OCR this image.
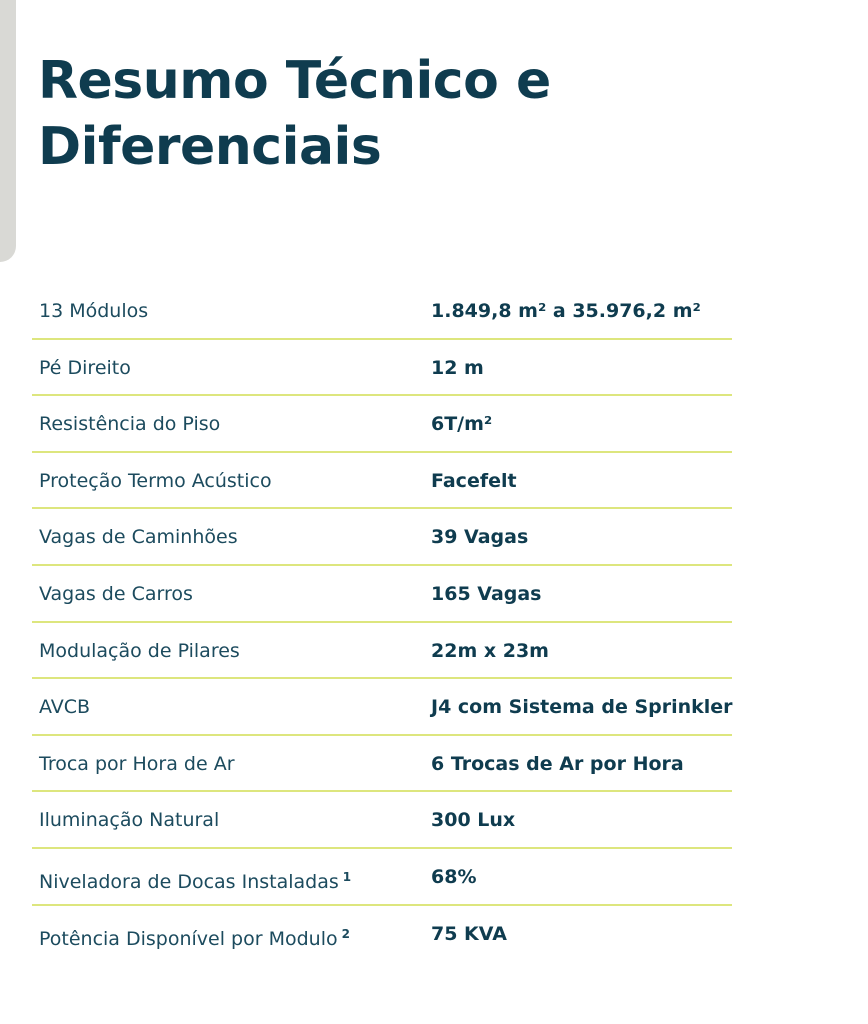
Resumo Técnico e
Diferenciais
13 Módulos	1.849,8 m² a 35.976,2 m²
Pé Direito	12 m
Resistência do Piso	6T/m²
Proteção Termo Acústico	Facefelt
Vagas de Caminhões	39 Vagas
Vagas de Carros	165 Vagas
Modulação de Pilares	22m x 23m
AVCB	J4 com Sistema de Sprinkler
Troca por Hora de Ar	6 Trocas de Ar por Hora
Iluminação Natural	300 Lux
Niveladora de Docas Instaladas $^1$	68%
Potência Disponível por Modulo $^2$	75 KVA
